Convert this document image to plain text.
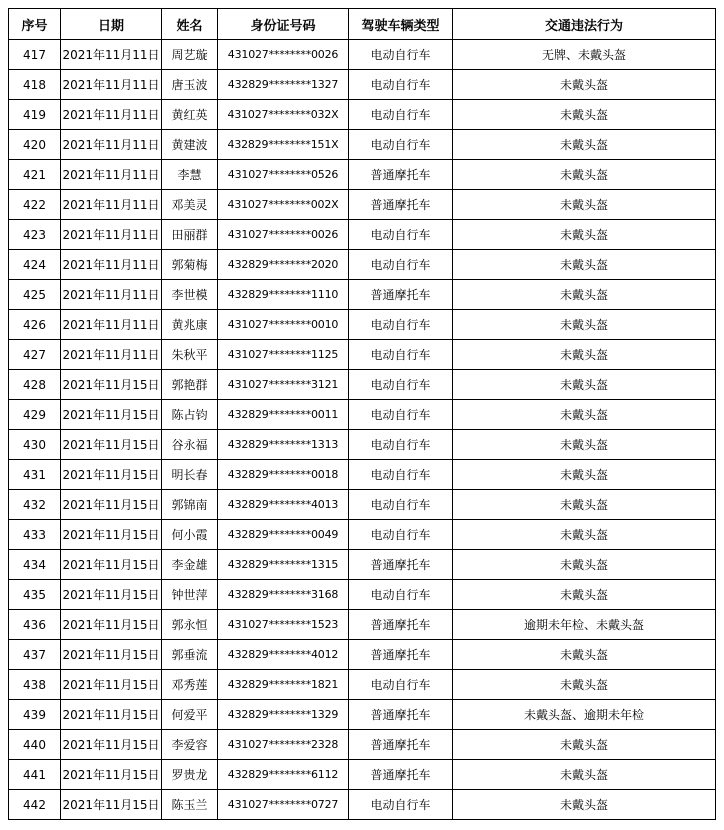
序号	日期	姓名	身份证号码	驾驶车辆类型	交通违法行为
417	2021年11月11日	周艺璇	431027********0026	电动自行车	无牌、未戴头盔
418	2021年11月11日	唐玉波	432829********1327	电动自行车	未戴头盔
419	2021年11月11日	黄红英	431027********032X	电动自行车	未戴头盔
420	2021年11月11日	黄建波	432829********151X	电动自行车	未戴头盔
421	2021年11月11日	李慧	431027********0526	普通摩托车	未戴头盔
422	2021年11月11日	邓美灵	431027********002X	普通摩托车	未戴头盔
423	2021年11月11日	田丽群	431027********0026	电动自行车	未戴头盔
424	2021年11月11日	郭菊梅	432829********2020	电动自行车	未戴头盔
425	2021年11月11日	李世模	432829********1110	普通摩托车	未戴头盔
426	2021年11月11日	黄兆康	431027********0010	电动自行车	未戴头盔
427	2021年11月11日	朱秋平	431027********1125	电动自行车	未戴头盔
428	2021年11月15日	郭艳群	431027********3121	电动自行车	未戴头盔
429	2021年11月15日	陈占钧	432829********0011	电动自行车	未戴头盔
430	2021年11月15日	谷永福	432829********1313	电动自行车	未戴头盔
431	2021年11月15日	明长春	432829********0018	电动自行车	未戴头盔
432	2021年11月15日	郭锦南	432829********4013	电动自行车	未戴头盔
433	2021年11月15日	何小霞	432829********0049	电动自行车	未戴头盔
434	2021年11月15日	李金雄	432829********1315	普通摩托车	未戴头盔
435	2021年11月15日	钟世萍	432829********3168	电动自行车	未戴头盔
436	2021年11月15日	郭永恒	431027********1523	普通摩托车	逾期未年检、未戴头盔
437	2021年11月15日	郭垂流	432829********4012	普通摩托车	未戴头盔
438	2021年11月15日	邓秀莲	432829********1821	电动自行车	未戴头盔
439	2021年11月15日	何爱平	432829********1329	普通摩托车	未戴头盔、逾期未年检
440	2021年11月15日	李爱容	431027********2328	普通摩托车	未戴头盔
441	2021年11月15日	罗贵龙	432829********6112	普通摩托车	未戴头盔
442	2021年11月15日	陈玉兰	431027********0727	电动自行车	未戴头盔
